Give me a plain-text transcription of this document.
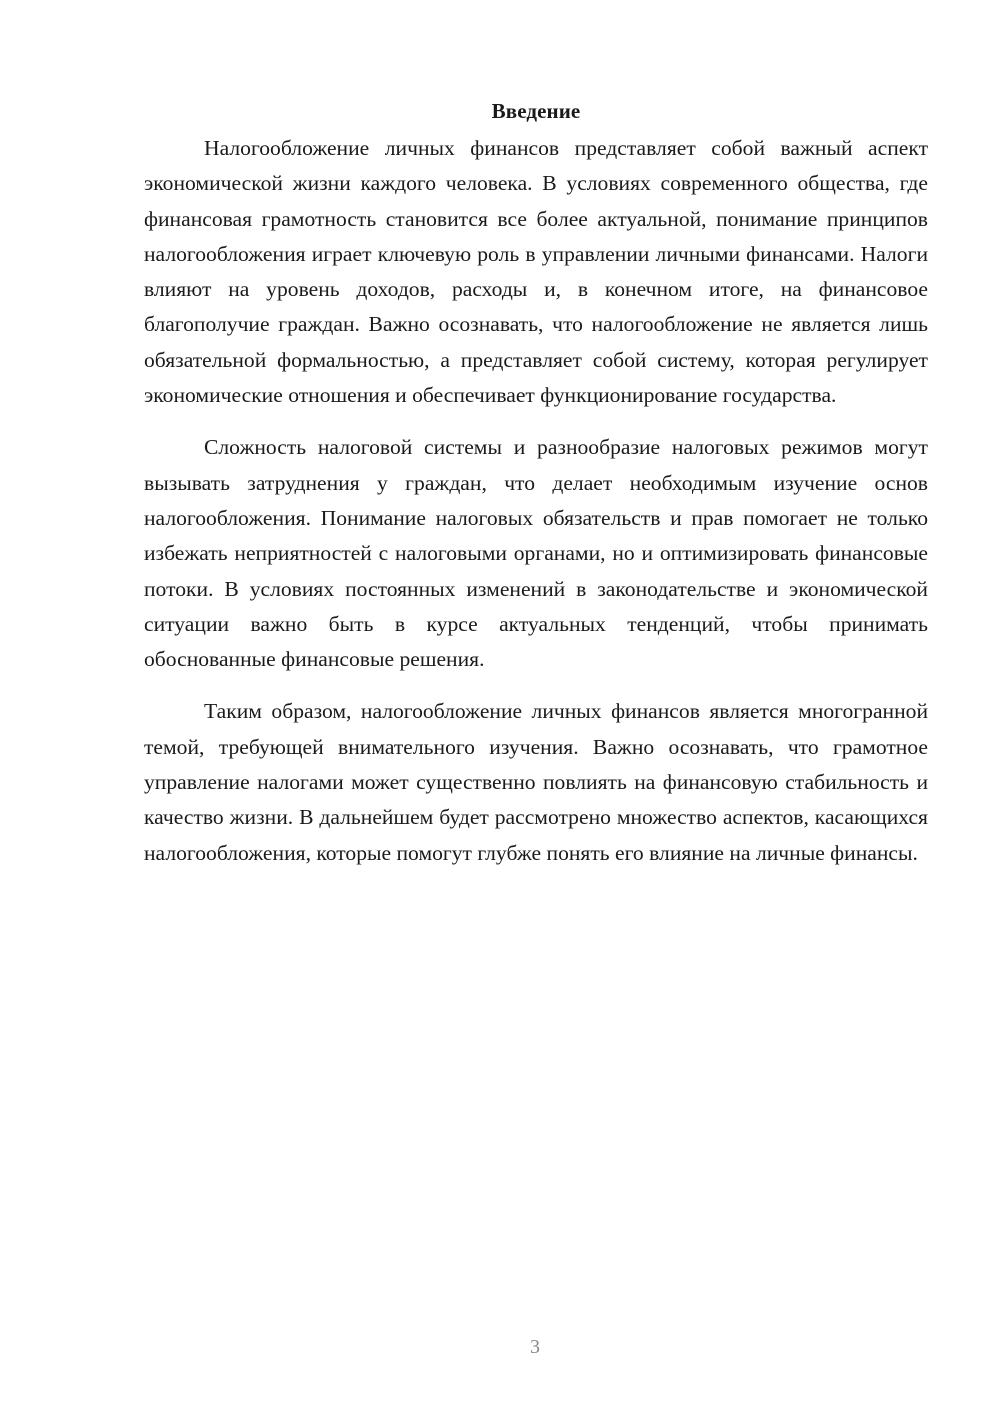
Введение

Налогообложение личных финансов представляет собой важный аспект экономической жизни каждого человека. В условиях современного общества, где финансовая грамотность становится все более актуальной, понимание принципов налогообложения играет ключевую роль в управлении личными финансами. Налоги влияют на уровень доходов, расходы и, в конечном итоге, на финансовое благополучие граждан. Важно осознавать, что налогообложение не является лишь обязательной формальностью, а представляет собой систему, которая регулирует экономические отношения и обеспечивает функционирование государства.

Сложность налоговой системы и разнообразие налоговых режимов могут вызывать затруднения у граждан, что делает необходимым изучение основ налогообложения. Понимание налоговых обязательств и прав помогает не только избежать неприятностей с налоговыми органами, но и оптимизировать финансовые потоки. В условиях постоянных изменений в законодательстве и экономической ситуации важно быть в курсе актуальных тенденций, чтобы принимать обоснованные финансовые решения.

Таким образом, налогообложение личных финансов является многогранной темой, требующей внимательного изучения. Важно осознавать, что грамотное управление налогами может существенно повлиять на финансовую стабильность и качество жизни. В дальнейшем будет рассмотрено множество аспектов, касающихся налогообложения, которые помогут глубже понять его влияние на личные финансы.

3
